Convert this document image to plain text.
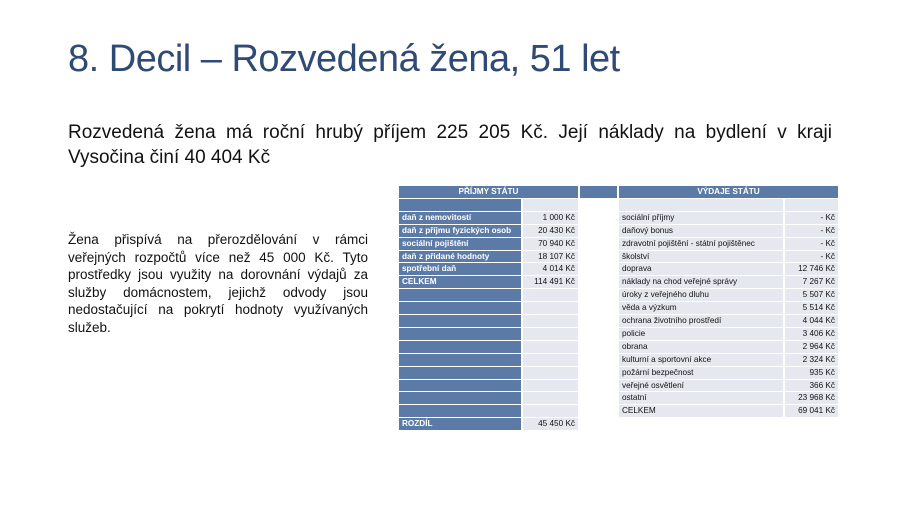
8. Decil – Rozvedená žena, 51 let
Rozvedená žena má roční hrubý příjem 225 205 Kč. Její náklady na bydlení v kraji Vysočina činí 40 404 Kč
Žena přispívá na přerozdělování v rámci veřejných rozpočtů více než 45 000 Kč. Tyto prostředky jsou využity na dorovnání výdajů za služby domácnostem, jejichž odvody jsou nedostačující na pokrytí hodnoty využívaných služeb.
PŘÍJMY STÁTU			VÝDAJE STÁTU	

daň z nemovitostí	1 000 Kč		sociální příjmy	- Kč
daň z příjmu fyzických osob	20 430 Kč		daňový bonus	- Kč
sociální pojištění	70 940 Kč		zdravotní pojištění - státní pojištěnec	- Kč
daň z přidané hodnoty	18 107 Kč		školství	- Kč
spotřební daň	4 014 Kč		doprava	12 746 Kč
CELKEM	114 491 Kč		náklady na chod veřejné správy	7 267 Kč
			úroky z veřejného dluhu	5 507 Kč
			věda a výzkum	5 514 Kč
			ochrana životního prostředí	4 044 Kč
			policie	3 406 Kč
			obrana	2 964 Kč
			kulturní a sportovní akce	2 324 Kč
			požární bezpečnost	935 Kč
			veřejné osvětlení	366 Kč
			ostatní	23 968 Kč
			CELKEM	69 041 Kč
ROZDÍL	45 450 Kč			
